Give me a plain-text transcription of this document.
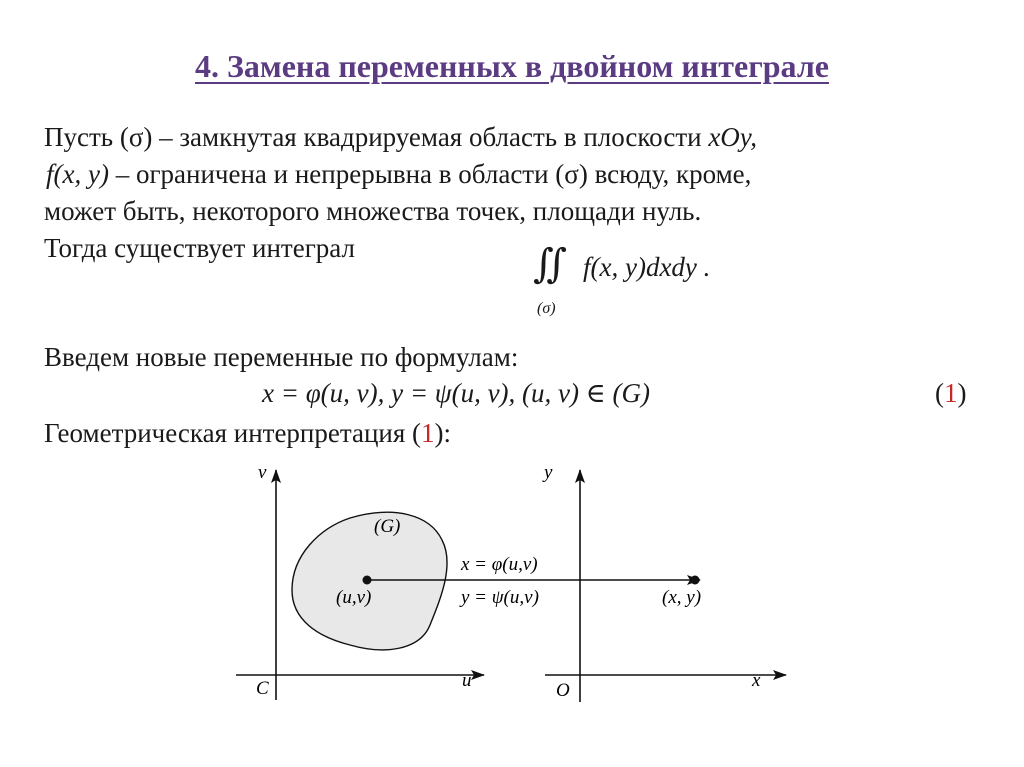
4. Замена переменных в двойном интеграле
Пусть (σ) – замкнутая квадрируемая область в плоскости xOy,
f(x, y) – ограничена и непрерывна в области (σ) всюду, кроме,
может быть, некоторого множества точек, площади нуль.
Тогда существует интеграл	∬ f(x, y)dxdy .
(σ)
Введем новые переменные по формулам:
x = φ(u, v), y = ψ(u, v), (u, v) ∈ (G)	(1)
Геометрическая интерпретация (1):
v
u
C
(G)
(u,v)
x = φ(u,v)
y = ψ(u,v)
y
x
O
(x, y)
